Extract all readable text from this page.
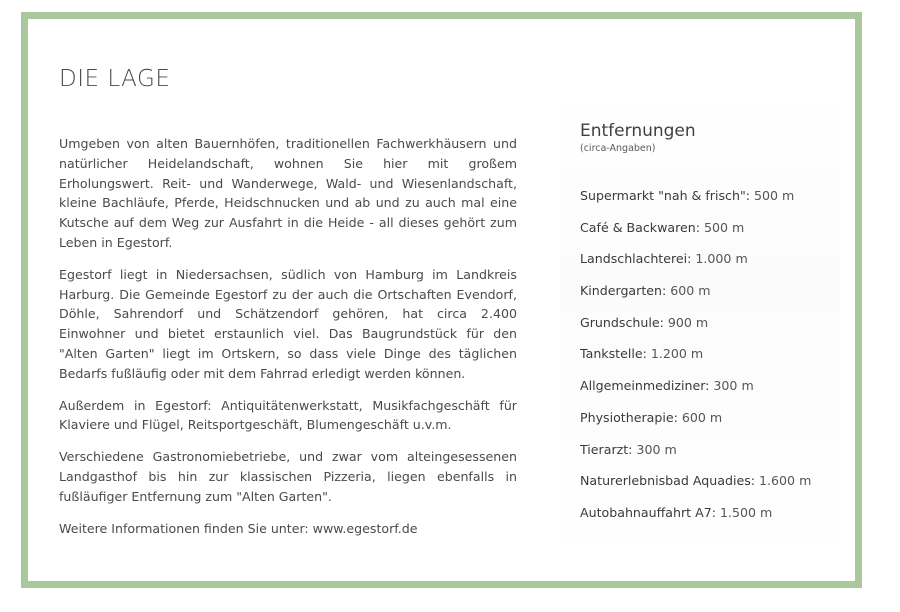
DIE LAGE

Umgeben von alten Bauernhöfen, traditionellen Fachwerkhäusern und natürlicher Heidelandschaft, wohnen Sie hier mit großem Erholungswert. Reit- und Wanderwege, Wald- und Wiesenlandschaft, kleine Bachläufe, Pferde, Heidschnucken und ab und zu auch mal eine Kutsche auf dem Weg zur Ausfahrt in die Heide - all dieses gehört zum Leben in Egestorf.

Egestorf liegt in Niedersachsen, südlich von Hamburg im Landkreis Harburg. Die Gemeinde Egestorf zu der auch die Ortschaften Evendorf, Döhle, Sahrendorf und Schätzendorf gehören, hat circa 2.400 Einwohner und bietet erstaunlich viel. Das Baugrundstück für den "Alten Garten" liegt im Ortskern, so dass viele Dinge des täglichen Bedarfs fußläufig oder mit dem Fahrrad erledigt werden können.

Außerdem in Egestorf: Antiquitätenwerkstatt, Musikfachgeschäft für Klaviere und Flügel, Reitsportgeschäft, Blumengeschäft u.v.m.

Verschiedene Gastronomiebetriebe, und zwar vom alteingesessenen Landgasthof bis hin zur klassischen Pizzeria, liegen ebenfalls in fußläufiger Entfernung zum "Alten Garten".

Weitere Informationen finden Sie unter: www.egestorf.de

Entfernungen
(circa-Angaben)
Supermarkt "nah & frisch": 500 m
Café & Backwaren: 500 m
Landschlachterei: 1.000 m
Kindergarten: 600 m
Grundschule: 900 m
Tankstelle: 1.200 m
Allgemeinmediziner: 300 m
Physiotherapie: 600 m
Tierarzt: 300 m
Naturerlebnisbad Aquadies: 1.600 m
Autobahnauffahrt A7: 1.500 m
